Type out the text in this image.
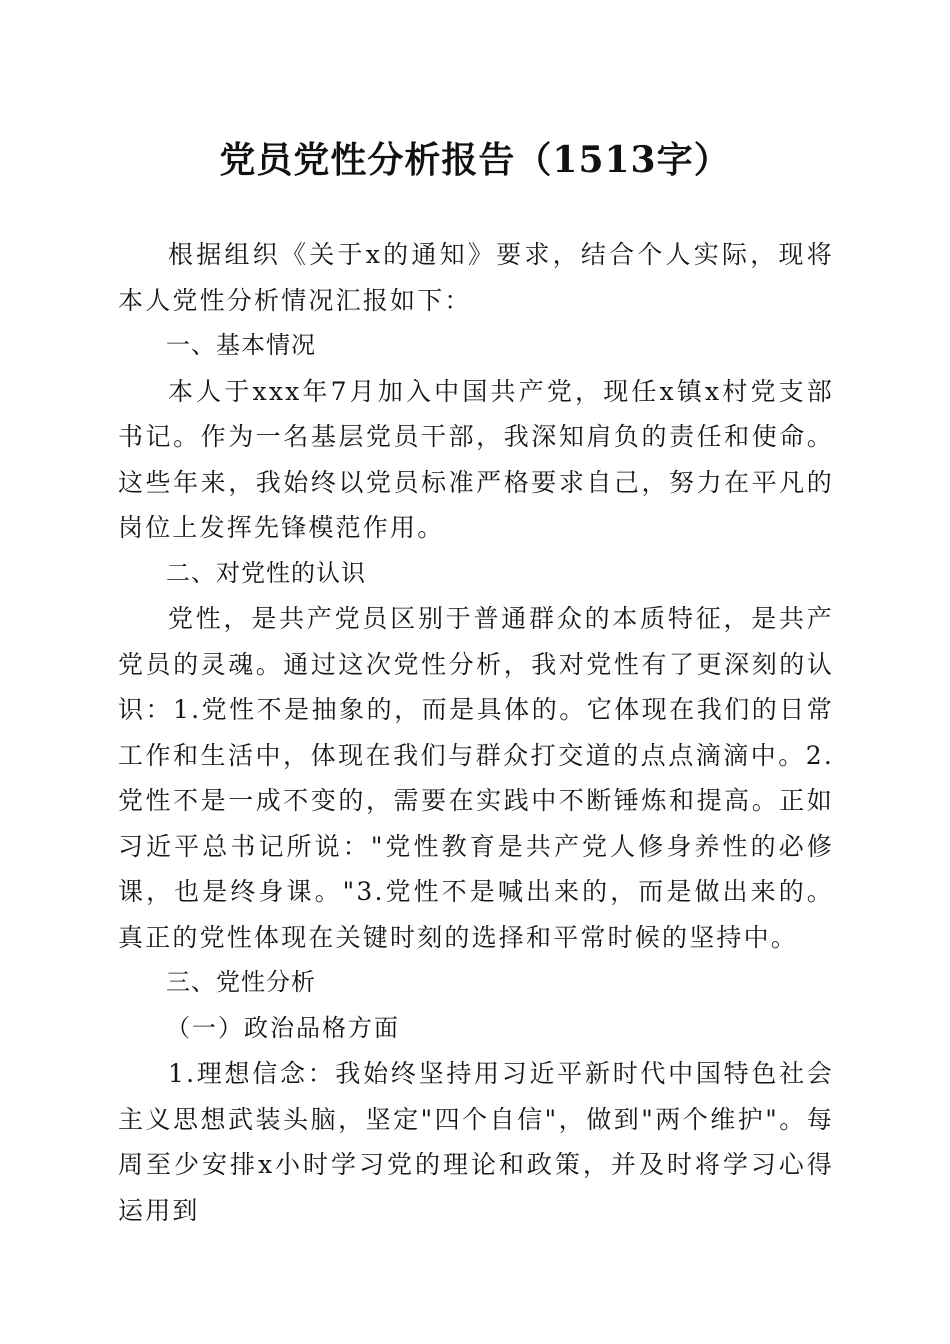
党员党性分析报告（1513字）

根据组织《关于x的通知》要求，结合个人实际，现将本人党性分析情况汇报如下：

一、基本情况

本人于xxx年7月加入中国共产党，现任x镇x村党支部书记。作为一名基层党员干部，我深知肩负的责任和使命。这些年来，我始终以党员标准严格要求自己，努力在平凡的岗位上发挥先锋模范作用。

二、对党性的认识

党性，是共产党员区别于普通群众的本质特征，是共产党员的灵魂。通过这次党性分析，我对党性有了更深刻的认识：1.党性不是抽象的，而是具体的。它体现在我们的日常工作和生活中，体现在我们与群众打交道的点点滴滴中。2.党性不是一成不变的，需要在实践中不断锤炼和提高。正如习近平总书记所说："党性教育是共产党人修身养性的必修课，也是终身课。"3.党性不是喊出来的，而是做出来的。真正的党性体现在关键时刻的选择和平常时候的坚持中。

三、党性分析

（一）政治品格方面

1.理想信念：我始终坚持用习近平新时代中国特色社会主义思想武装头脑，坚定"四个自信"，做到"两个维护"。每周至少安排x小时学习党的理论和政策，并及时将学习心得运用到
